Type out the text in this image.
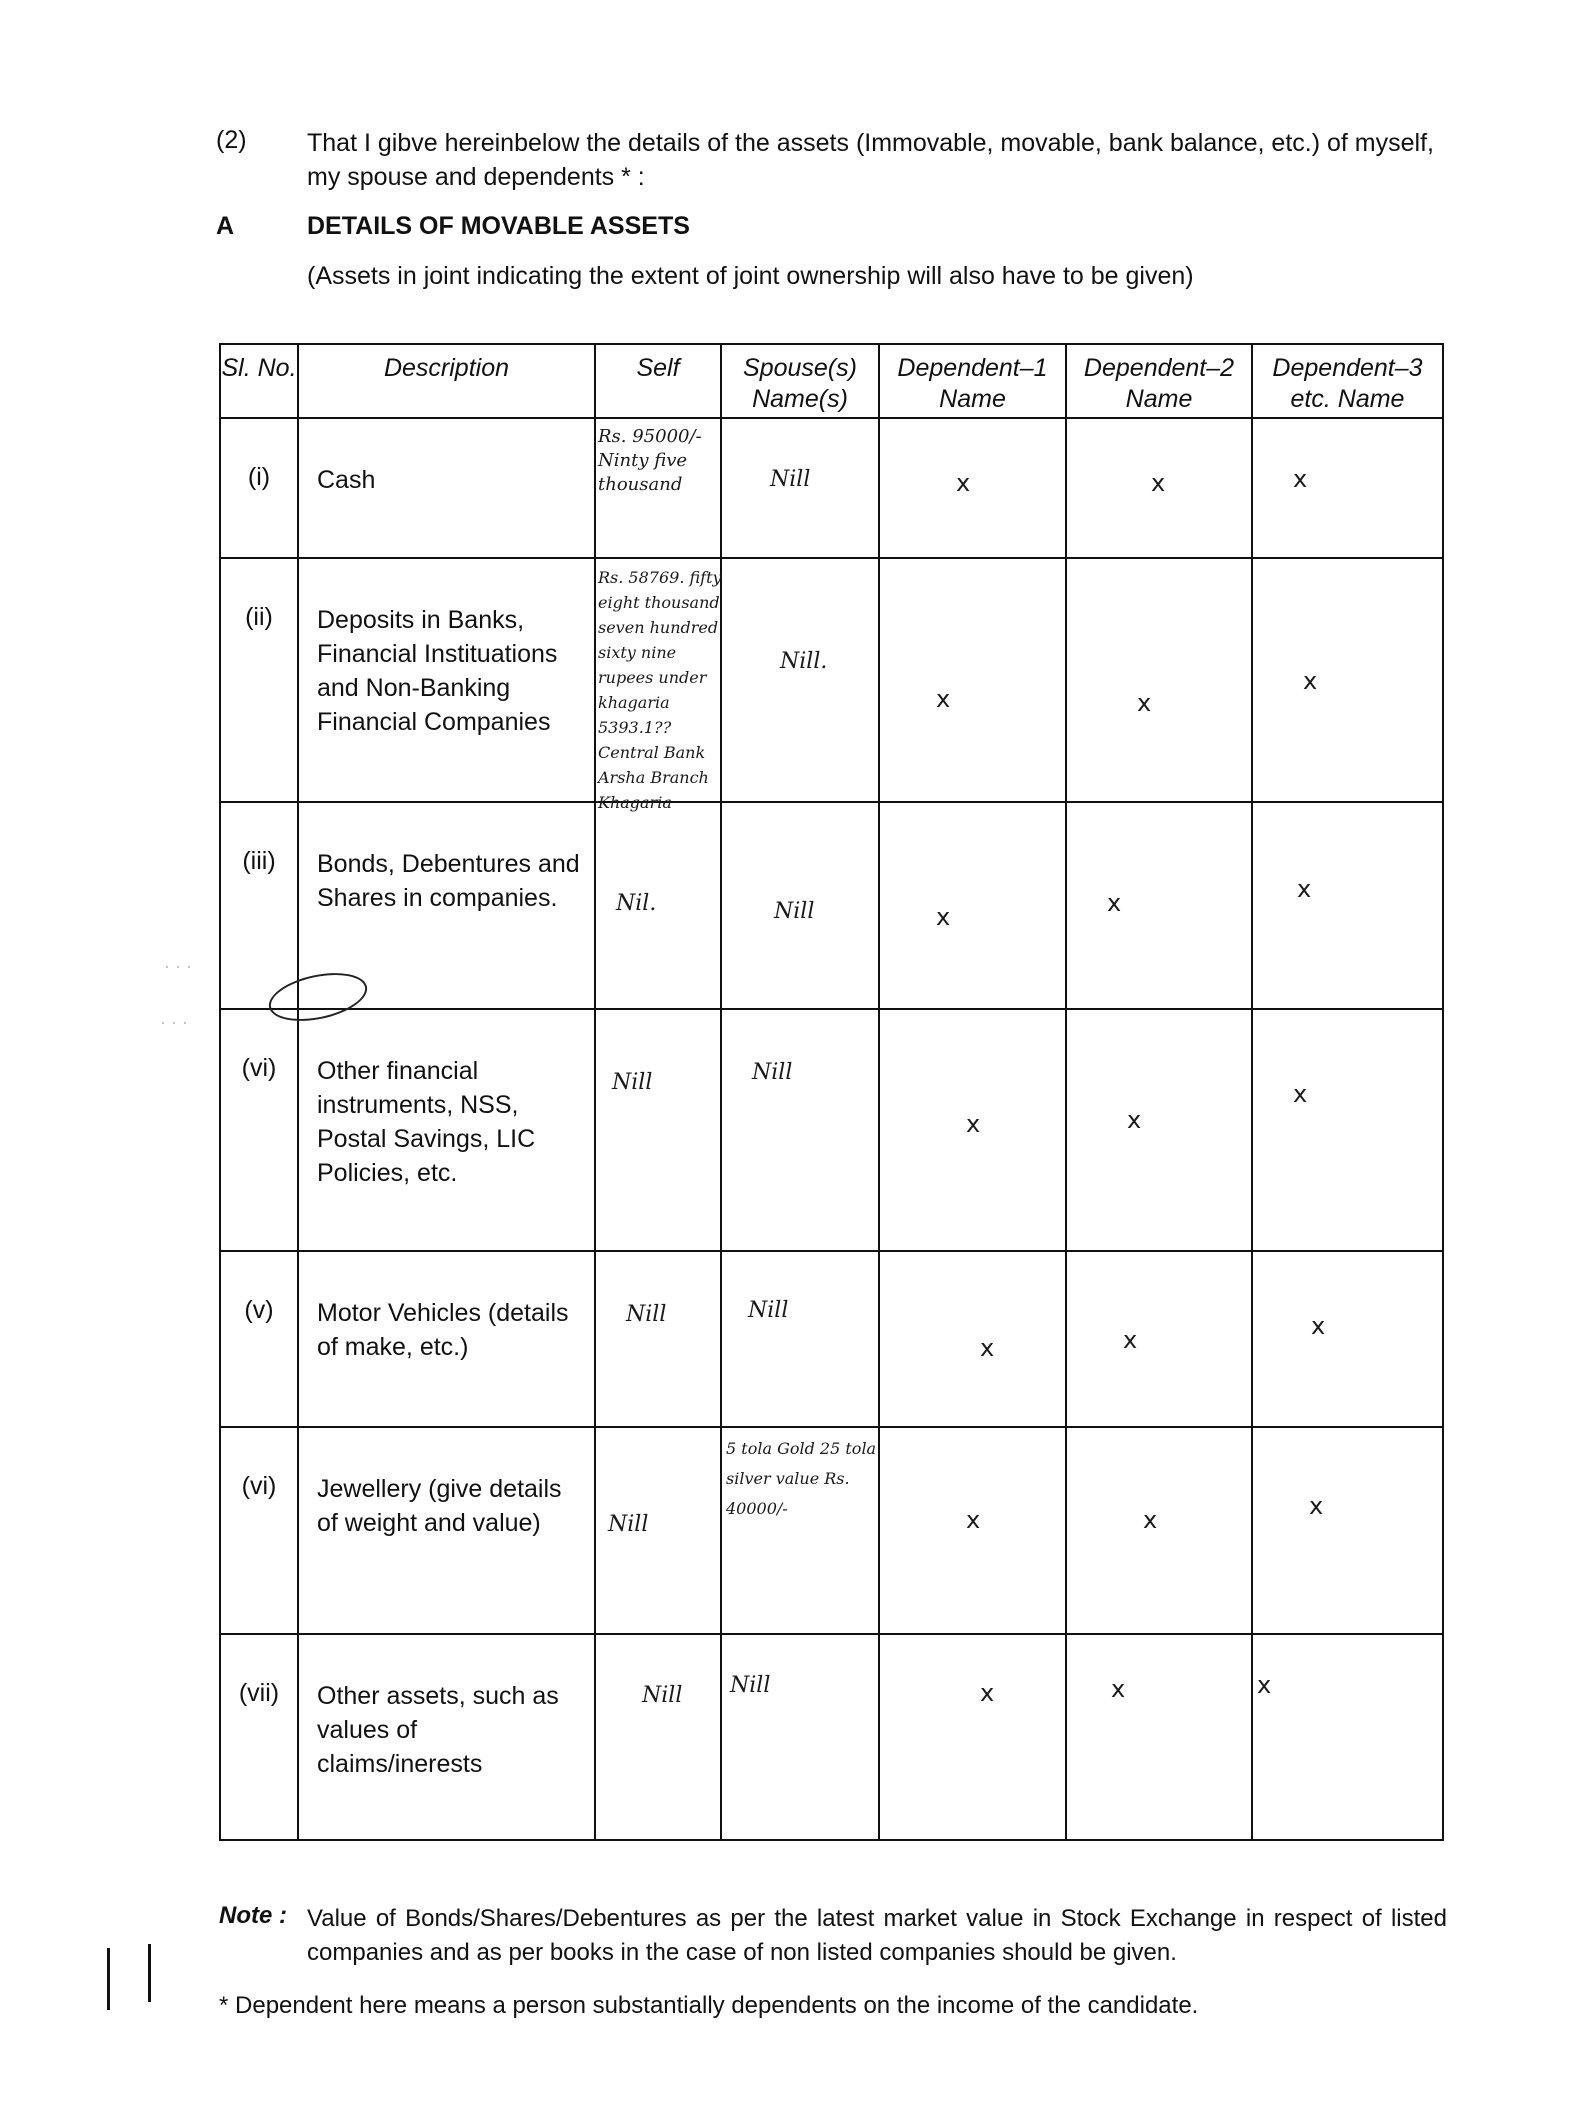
(2) That I gibve hereinbelow the details of the assets (Immovable, movable, bank balance, etc.) of myself, my spouse and dependents * :
A	DETAILS OF MOVABLE ASSETS
(Assets in joint indicating the extent of joint ownership will also have to be given)
Sl. No.	Description	Self	Spouse(s) Name(s)	Dependent–1 Name	Dependent–2 Name	Dependent–3 etc. Name
(i)	Cash	Rs. 95000/- Ninty five thousand	Nill	x	x	x

(ii)	Deposits in Banks, Financial Instituations and Non-Banking Financial Companies	Rs. 58769. fifty eight thousand seven hundred sixty nine rupees under khagaria 5393.1?? Central Bank Arsha Branch Khagaria	Nill.	x	x	x

(iii)	Bonds, Debentures and Shares in companies.	Nil.	Nill	x	x	x

(vi)	Other financial instruments, NSS, Postal Savings, LIC Policies, etc.	Nill	Nill	x	x	x

(v)	Motor Vehicles (details of make, etc.)	Nill	Nill	x	x	x

(vi)	Jewellery (give details of weight and value)	Nill	5 tola Gold 25 tola silver value Rs. 40000/-	x	x	x

(vii)	Other assets, such as values of claims/inerests	Nill	Nill	x	x	x
· · ·
· · ·
Note : Value of Bonds/Shares/Debentures as per the latest market value in Stock Exchange in respect of listed companies and as per books in the case of non listed companies should be given.
* Dependent here means a person substantially dependents on the income of the candidate.
